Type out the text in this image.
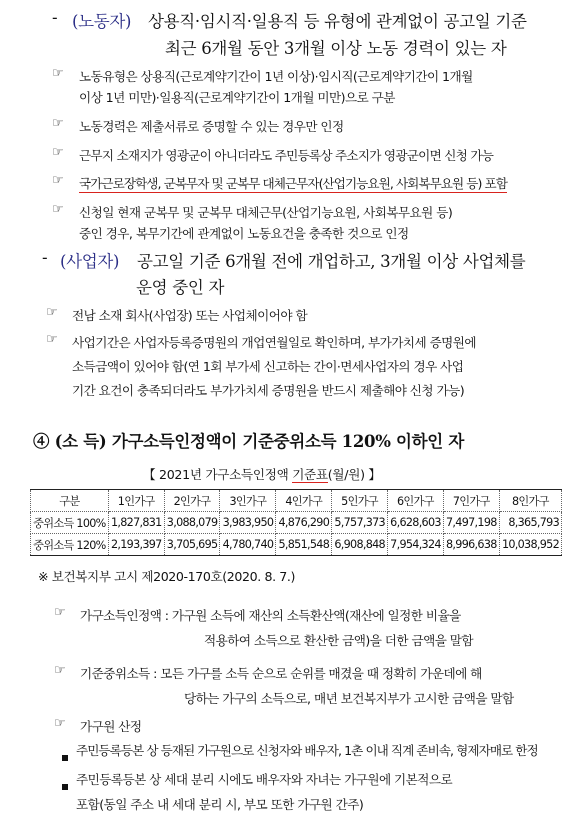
- (노동자) 상용직·임시직·일용직 등 유형에 관계없이 공고일 기준
최근 6개월 동안 3개월 이상 노동 경력이 있는 자
☞ 노동유형은 상용직(근로계약기간이 1년 이상)·임시직(근로계약기간이 1개월
이상 1년 미만)·일용직(근로계약기간이 1개월 미만)으로 구분
☞ 노동경력은 제출서류로 증명할 수 있는 경우만 인정
☞ 근무지 소재지가 영광군이 아니더라도 주민등록상 주소지가 영광군이면 신청 가능
☞ 국가근로장학생, 군복무자 및 군복무 대체근무자(산업기능요원, 사회복무요원 등) 포함
☞ 신청일 현재 군복무 및 군복무 대체근무(산업기능요원, 사회복무요원 등)
중인 경우, 복무기간에 관계없이 노동요건을 충족한 것으로 인정
- (사업자) 공고일 기준 6개월 전에 개업하고, 3개월 이상 사업체를
운영 중인 자
☞ 전남 소재 회사(사업장) 또는 사업체이어야 함
☞ 사업기간은 사업자등록증명원의 개업연월일로 확인하며, 부가가치세 증명원에
소득금액이 있어야 함(연 1회 부가세 신고하는 간이·면세사업자의 경우 사업
기간 요건이 충족되더라도 부가가치세 증명원을 반드시 제출해야 신청 가능)
④ (소 득) 가구소득인정액이 기준중위소득 120% 이하인 자
【 2021년 가구소득인정액 기준표(월/원) 】
구분	1인가구	2인가구	3인가구	4인가구	5인가구	6인가구	7인가구	8인가구
중위소득 100%	1,827,831	3,088,079	3,983,950	4,876,290	5,757,373	6,628,603	7,497,198	8,365,793
중위소득 120%	2,193,397	3,705,695	4,780,740	5,851,548	6,908,848	7,954,324	8,996,638	10,038,952
※ 보건복지부 고시 제2020-170호(2020. 8. 7.)
☞ 가구소득인정액 : 가구원 소득에 재산의 소득환산액(재산에 일정한 비율을
적용하여 소득으로 환산한 금액)을 더한 금액을 말함
☞ 기준중위소득 : 모든 가구를 소득 순으로 순위를 매겼을 때 정확히 가운데에 해
당하는 가구의 소득으로, 매년 보건복지부가 고시한 금액을 말함
☞ 가구원 산정
주민등록등본 상 등재된 가구원으로 신청자와 배우자, 1촌 이내 직계 존비속, 형제자매로 한정
주민등록등본 상 세대 분리 시에도 배우자와 자녀는 가구원에 기본적으로
포함(동일 주소 내 세대 분리 시, 부모 또한 가구원 간주)
